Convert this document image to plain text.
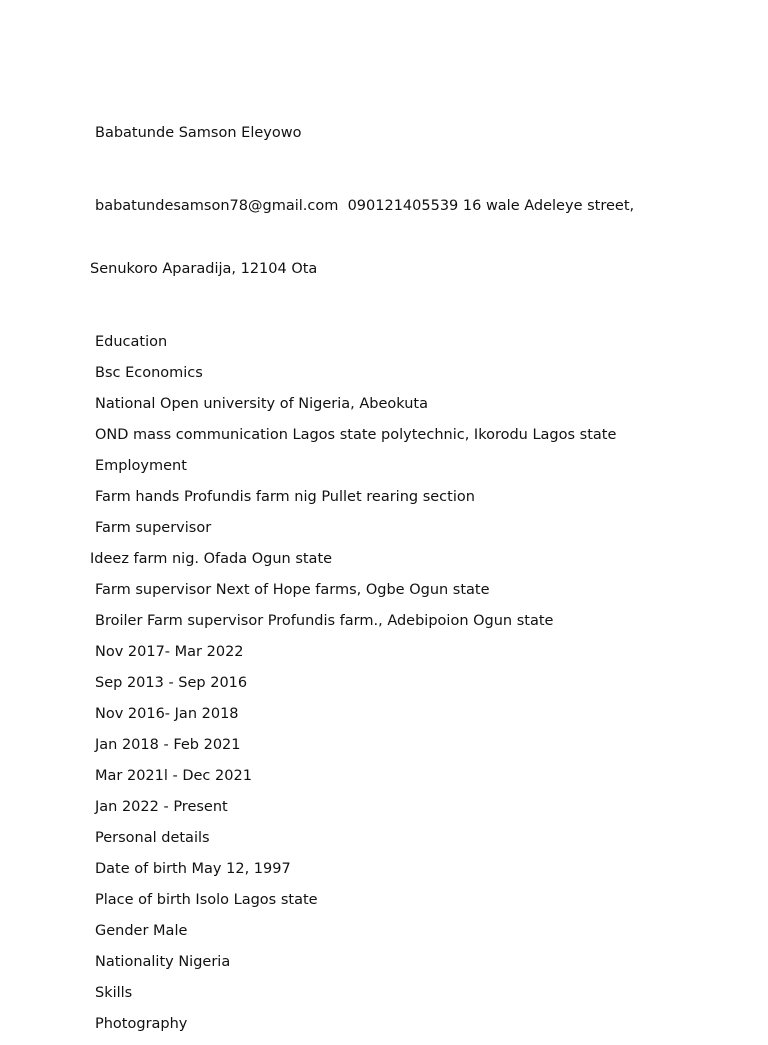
Babatunde Samson Eleyowo

babatundesamson78@gmail.com  090121405539 16 wale Adeleye street,

Senukoro Aparadija, 12104 Ota

Education
Bsc Economics
National Open university of Nigeria, Abeokuta
OND mass communication Lagos state polytechnic, Ikorodu Lagos state
Employment
Farm hands Profundis farm nig Pullet rearing section
Farm supervisor
Ideez farm nig. Ofada Ogun state
Farm supervisor Next of Hope farms, Ogbe Ogun state
Broiler Farm supervisor Profundis farm., Adebipoion Ogun state
Nov 2017- Mar 2022
Sep 2013 - Sep 2016
Nov 2016- Jan 2018
Jan 2018 - Feb 2021
Mar 2021l - Dec 2021
Jan 2022 - Present
Personal details
Date of birth May 12, 1997
Place of birth Isolo Lagos state
Gender Male
Nationality Nigeria
Skills
Photography
